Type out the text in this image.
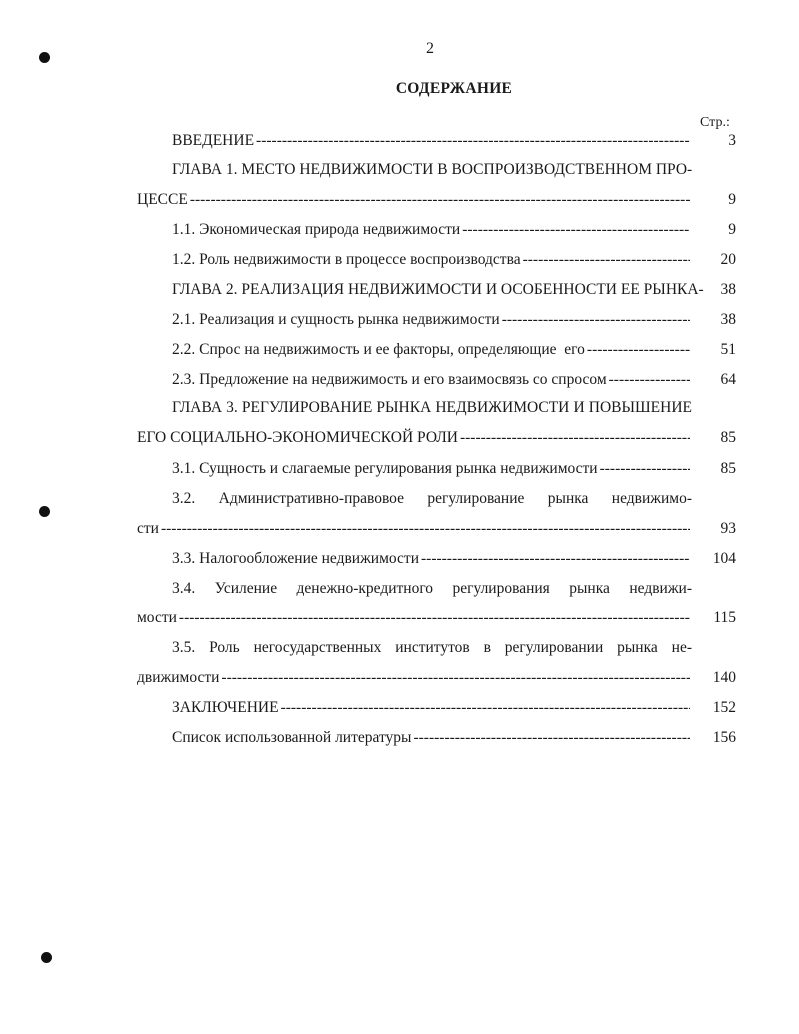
2
СОДЕРЖАНИЕ
Стр.:
ВВЕДЕНИЕ -----	3
ГЛАВА 1. МЕСТО НЕДВИЖИМОСТИ В ВОСПРОИЗВОДСТВЕННОМ ПРО-
ЦЕССЕ -----	9
1.1. Экономическая природа недвижимости -----	9
1.2. Роль недвижимости в процессе воспроизводства -----	20
ГЛАВА 2. РЕАЛИЗАЦИЯ НЕДВИЖИМОСТИ И ОСОБЕННОСТИ ЕЕ РЫНКА-	38
2.1. Реализация и сущность рынка недвижимости -----	38
2.2. Спрос на недвижимость и ее факторы, определяющие  его -----	51
2.3. Предложение на недвижимость и его взаимосвязь со спросом -----	64
ГЛАВА 3. РЕГУЛИРОВАНИЕ РЫНКА НЕДВИЖИМОСТИ И ПОВЫШЕНИЕ
ЕГО СОЦИАЛЬНО-ЭКОНОМИЧЕСКОЙ РОЛИ -----	85
3.1. Сущность и слагаемые регулирования рынка недвижимости -----	85
3.2. Административно-правовое регулирование рынка недвижимо-
сти -----	93
3.3. Налогообложение недвижимости -----	104
3.4. Усиление денежно-кредитного регулирования рынка недвижи-
мости -----	115
3.5. Роль негосударственных институтов в регулировании рынка не-
движимости -----	140
ЗАКЛЮЧЕНИЕ -----	152
Список использованной литературы -----	156
